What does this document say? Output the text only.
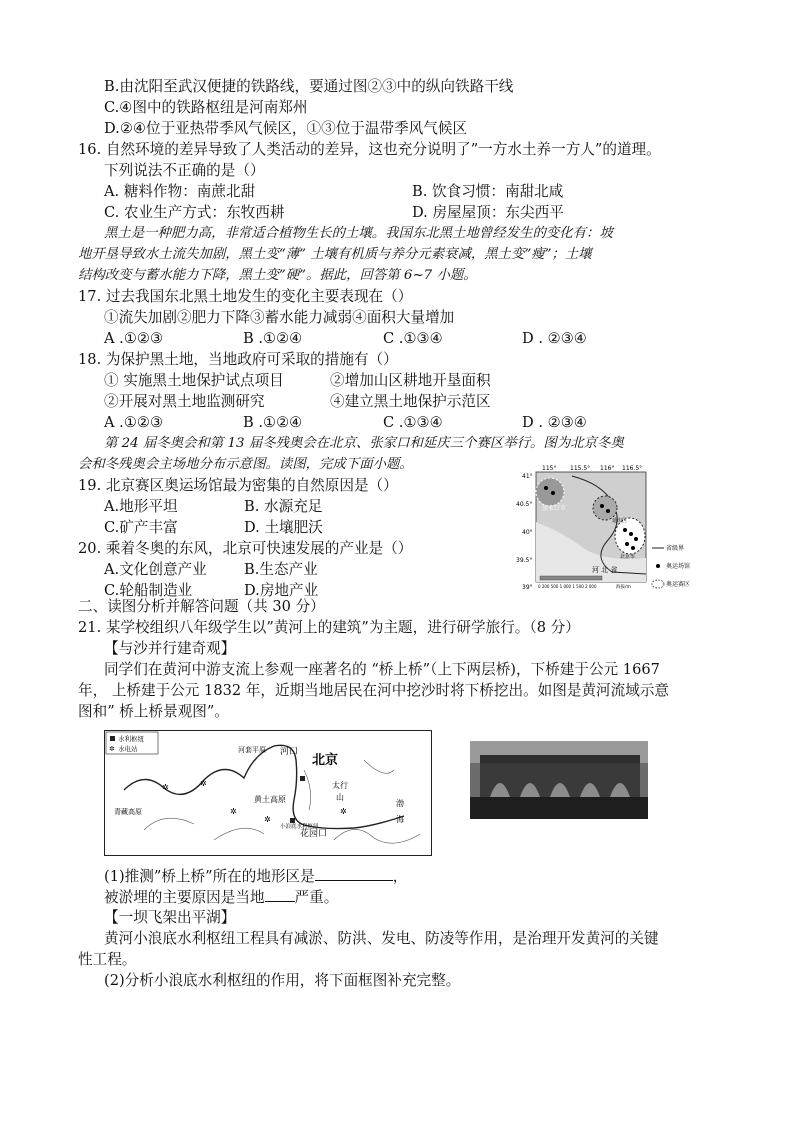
B.由沈阳至武汉便捷的铁路线，要通过图②③中的纵向铁路干线
C.④图中的铁路枢纽是河南郑州
D.②④位于亚热带季风气候区，①③位于温带季风气候区
16. 自然环境的差异导致了人类活动的差异，这也充分说明了”一方水土养一方人”的道理。
下列说法不正确的是（）
A. 糖料作物：南蔗北甜	B. 饮食习惯：南甜北咸
C. 农业生产方式：东牧西耕	D. 房屋屋顶：东尖西平
黑土是一种肥力高，非常适合植物生长的土壤。我国东北黑土地曾经发生的变化有：坡
地开垦导致水土流失加剧，黑土变“薄” 土壤有机质与养分元素衰减，黑土变”瘦”；土壤
结构改变与蓄水能力下降，黑土变”硬”。据此，回答第 6~7 小题。
17. 过去我国东北黑土地发生的变化主要表现在（）
①流失加剧②肥力下降③蓄水能力减弱④面积大量增加
A .①②③	B .①②④	C .①③④	D . ②③④
18. 为保护黑土地，当地政府可采取的措施有（）
① 实施黑土地保护试点项目	②增加山区耕地开垦面积
②开展对黑土地监测研究	④建立黑土地保护示范区
A .①②③	B .①②④	C .①③④	D . ②③④
第 24 届冬奥会和第 13 届冬残奥会在北京、张家口和延庆三个赛区举行。图为北京冬奥
会和冬残奥会主场地分布示意图。读图，完成下面小题。
19. 北京赛区奥运场馆最为密集的自然原因是（）
A.地形平坦	B. 水源充足
C.矿产丰富	D. 土壤肥沃
20. 乘着冬奥的东风，北京可快速发展的产业是（）
A.文化创意产业	B.生态产业
C.轮船制造业	D.房地产业
115° 115.5° 116° 116.5°
41°
40.5°
40°
39.5°
39°
张家口市
延庆区
北京市
河 北 省
0 200 500 1 000 1 500 2 000	海拔/m
省级界
奥运场馆
奥运赛区
二、读图分析并解答问题（共 30 分）
21. 某学校组织八年级学生以”黄河上的建筑”为主题，进行研学旅行。（8 分）
【与沙并行建奇观】
同学们在黄河中游支流上参观一座著名的 “桥上桥”（上下两层桥)，下桥建于公元 1667
年， 上桥建于公元 1832 年，近期当地居民在河中挖沙时将下桥挖出。如图是黄河流域示意
图和” 桥上桥景观图”。
水利枢纽
✲ 水电站	河套平原 河口
北京
青藏高原
黄土高原
太行
山
小浪底水利枢纽
花园口
渤
海
✲	✲
✲
✲
✲
(1)推测”桥上桥”所在的地形区是	，
被淤埋的主要原因是当地 严重。
【一坝飞架出平湖】
黄河小浪底水利枢纽工程具有减淤、防洪、发电、防凌等作用，是治理开发黄河的关键
性工程。
(2)分析小浪底水利枢纽的作用，将下面框图补充完整。
